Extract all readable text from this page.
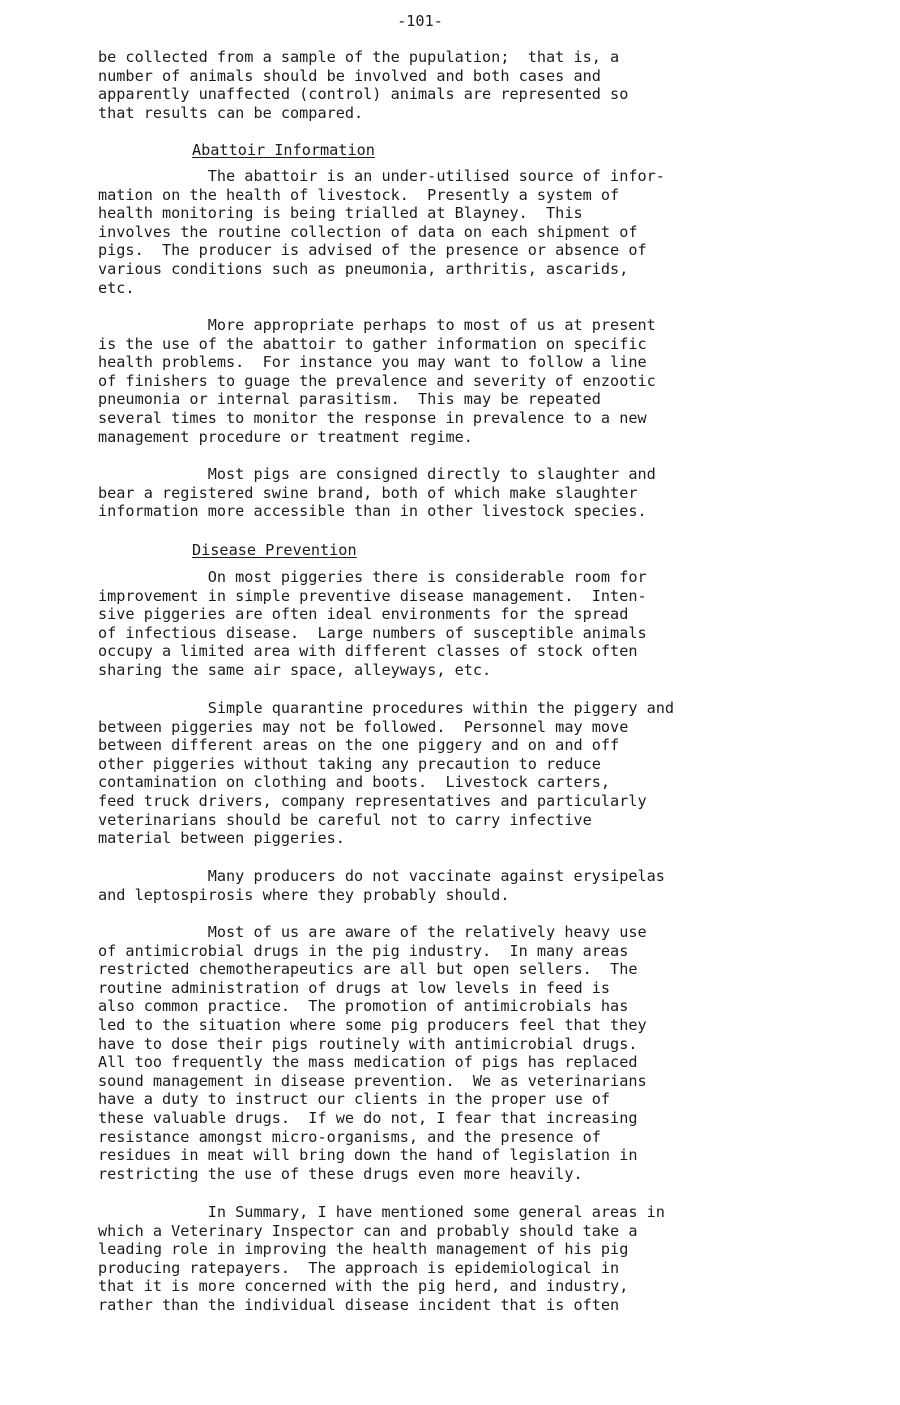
-101-
be collected from a sample of the pupulation;  that is, a
number of animals should be involved and both cases and
apparently unaffected (control) animals are represented so
that results can be compared.
Abattoir Information
The abattoir is an under-utilised source of infor-
mation on the health of livestock.  Presently a system of
health monitoring is being trialled at Blayney.  This
involves the routine collection of data on each shipment of
pigs.  The producer is advised of the presence or absence of
various conditions such as pneumonia, arthritis, ascarids,
etc.
More appropriate perhaps to most of us at present
is the use of the abattoir to gather information on specific
health problems.  For instance you may want to follow a line
of finishers to guage the prevalence and severity of enzootic
pneumonia or internal parasitism.  This may be repeated
several times to monitor the response in prevalence to a new
management procedure or treatment regime.
Most pigs are consigned directly to slaughter and
bear a registered swine brand, both of which make slaughter
information more accessible than in other livestock species.
Disease Prevention
On most piggeries there is considerable room for
improvement in simple preventive disease management.  Inten-
sive piggeries are often ideal environments for the spread
of infectious disease.  Large numbers of susceptible animals
occupy a limited area with different classes of stock often
sharing the same air space, alleyways, etc.
Simple quarantine procedures within the piggery and
between piggeries may not be followed.  Personnel may move
between different areas on the one piggery and on and off
other piggeries without taking any precaution to reduce
contamination on clothing and boots.  Livestock carters,
feed truck drivers, company representatives and particularly
veterinarians should be careful not to carry infective
material between piggeries.
Many producers do not vaccinate against erysipelas
and leptospirosis where they probably should.
Most of us are aware of the relatively heavy use
of antimicrobial drugs in the pig industry.  In many areas
restricted chemotherapeutics are all but open sellers.  The
routine administration of drugs at low levels in feed is
also common practice.  The promotion of antimicrobials has
led to the situation where some pig producers feel that they
have to dose their pigs routinely with antimicrobial drugs.
All too frequently the mass medication of pigs has replaced
sound management in disease prevention.  We as veterinarians
have a duty to instruct our clients in the proper use of
these valuable drugs.  If we do not, I fear that increasing
resistance amongst micro-organisms, and the presence of
residues in meat will bring down the hand of legislation in
restricting the use of these drugs even more heavily.
In Summary, I have mentioned some general areas in
which a Veterinary Inspector can and probably should take a
leading role in improving the health management of his pig
producing ratepayers.  The approach is epidemiological in
that it is more concerned with the pig herd, and industry,
rather than the individual disease incident that is often
